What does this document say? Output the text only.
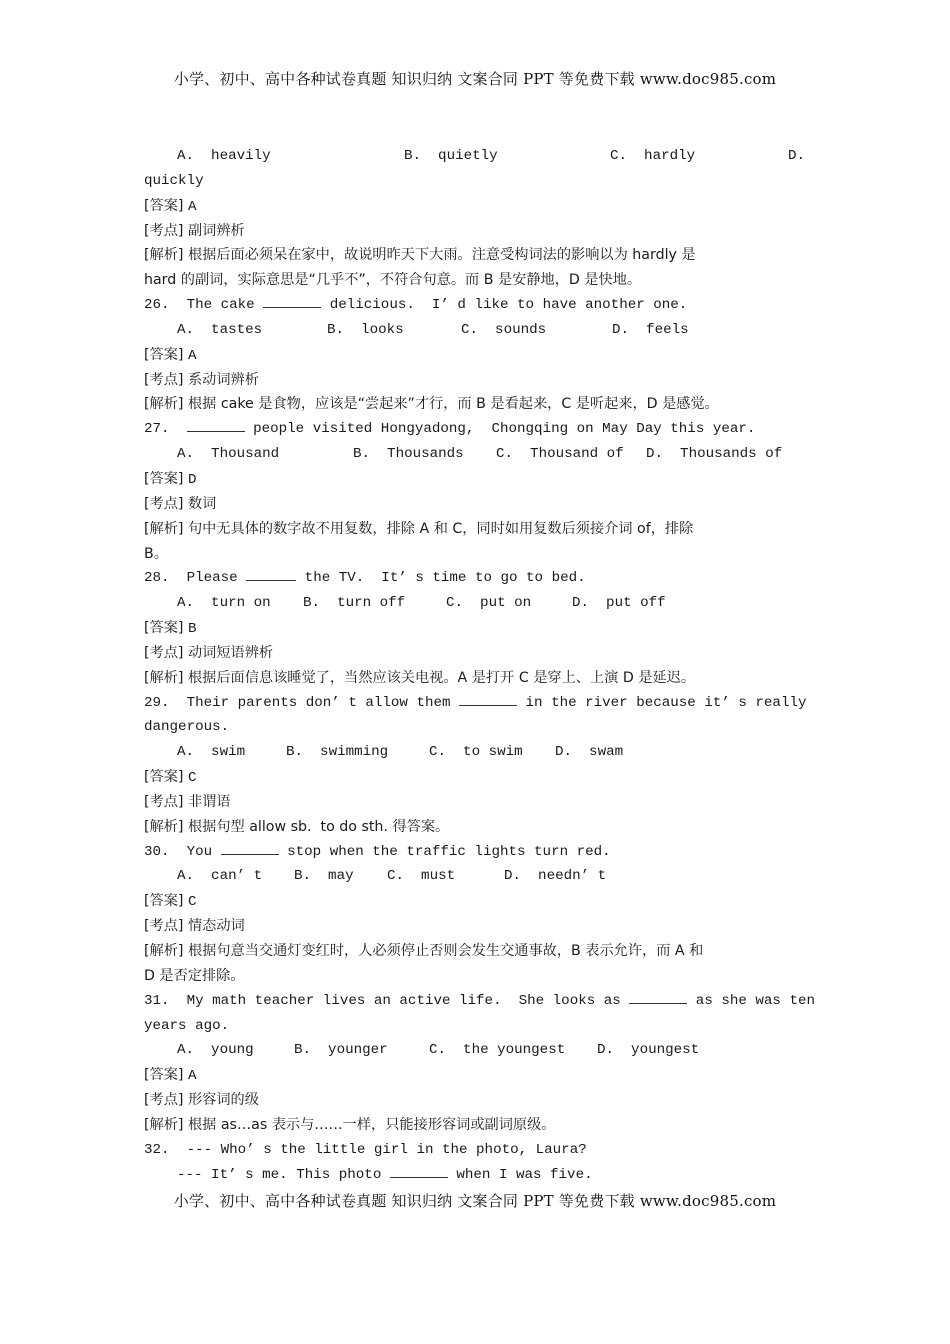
小学、初中、高中各种试卷真题 知识归纳 文案合同 PPT 等免费下载 www.doc985.com
A.  heavily	B.  quietly	C.  hardly	D.
quickly
[答案] A
[考点] 副词辨析
[解析] 根据后面必须呆在家中，故说明昨天下大雨。注意受构词法的影响以为 hardly 是
hard 的副词，实际意思是“几乎不”，不符合句意。而 B 是安静地，D 是快地。
26.  The cake	delicious.  I’ d like to have another one.
A.  tastes	B.  looks	C.  sounds	D.  feels
[答案] A
[考点] 系动词辨析
[解析] 根据 cake 是食物，应该是“尝起来”才行，而 B 是看起来，C 是听起来，D 是感觉。
27.	people visited Hongyadong,  Chongqing on May Day this year.
A.  Thousand	B.  Thousands	C.  Thousand of	D.  Thousands of
[答案] D
[考点] 数词
[解析] 句中无具体的数字故不用复数，排除 A 和 C，同时如用复数后须接介词 of，排除
B。
28.  Please	the TV.  It’ s time to go to bed.
A.  turn on	B.  turn off	C.  put on	D.  put off
[答案] B
[考点] 动词短语辨析
[解析] 根据后面信息该睡觉了，当然应该关电视。A 是打开 C 是穿上、上演 D 是延迟。
29.  Their parents don’ t allow them	in the river because it’ s really
dangerous.
A.  swim	B.  swimming	C.  to swim	D.  swam
[答案] C
[考点] 非谓语
[解析] 根据句型 allow sb.  to do sth. 得答案。
30.  You	stop when the traffic lights turn red.
A.  can’ t	B.  may	C.  must	D.  needn’ t
[答案] C
[考点] 情态动词
[解析] 根据句意当交通灯变红时，人必须停止否则会发生交通事故，B 表示允许，而 A 和
D 是否定排除。
31.  My math teacher lives an active life.  She looks as	as she was ten
years ago.
A.  young	B.  younger	C.  the youngest	D.  youngest
[答案] A
[考点] 形容词的级
[解析] 根据 as…as 表示与……一样，只能接形容词或副词原级。
32.  --- Who’ s the little girl in the photo, Laura?
--- It’ s me. This photo	when I was five.
小学、初中、高中各种试卷真题 知识归纳 文案合同 PPT 等免费下载 www.doc985.com
